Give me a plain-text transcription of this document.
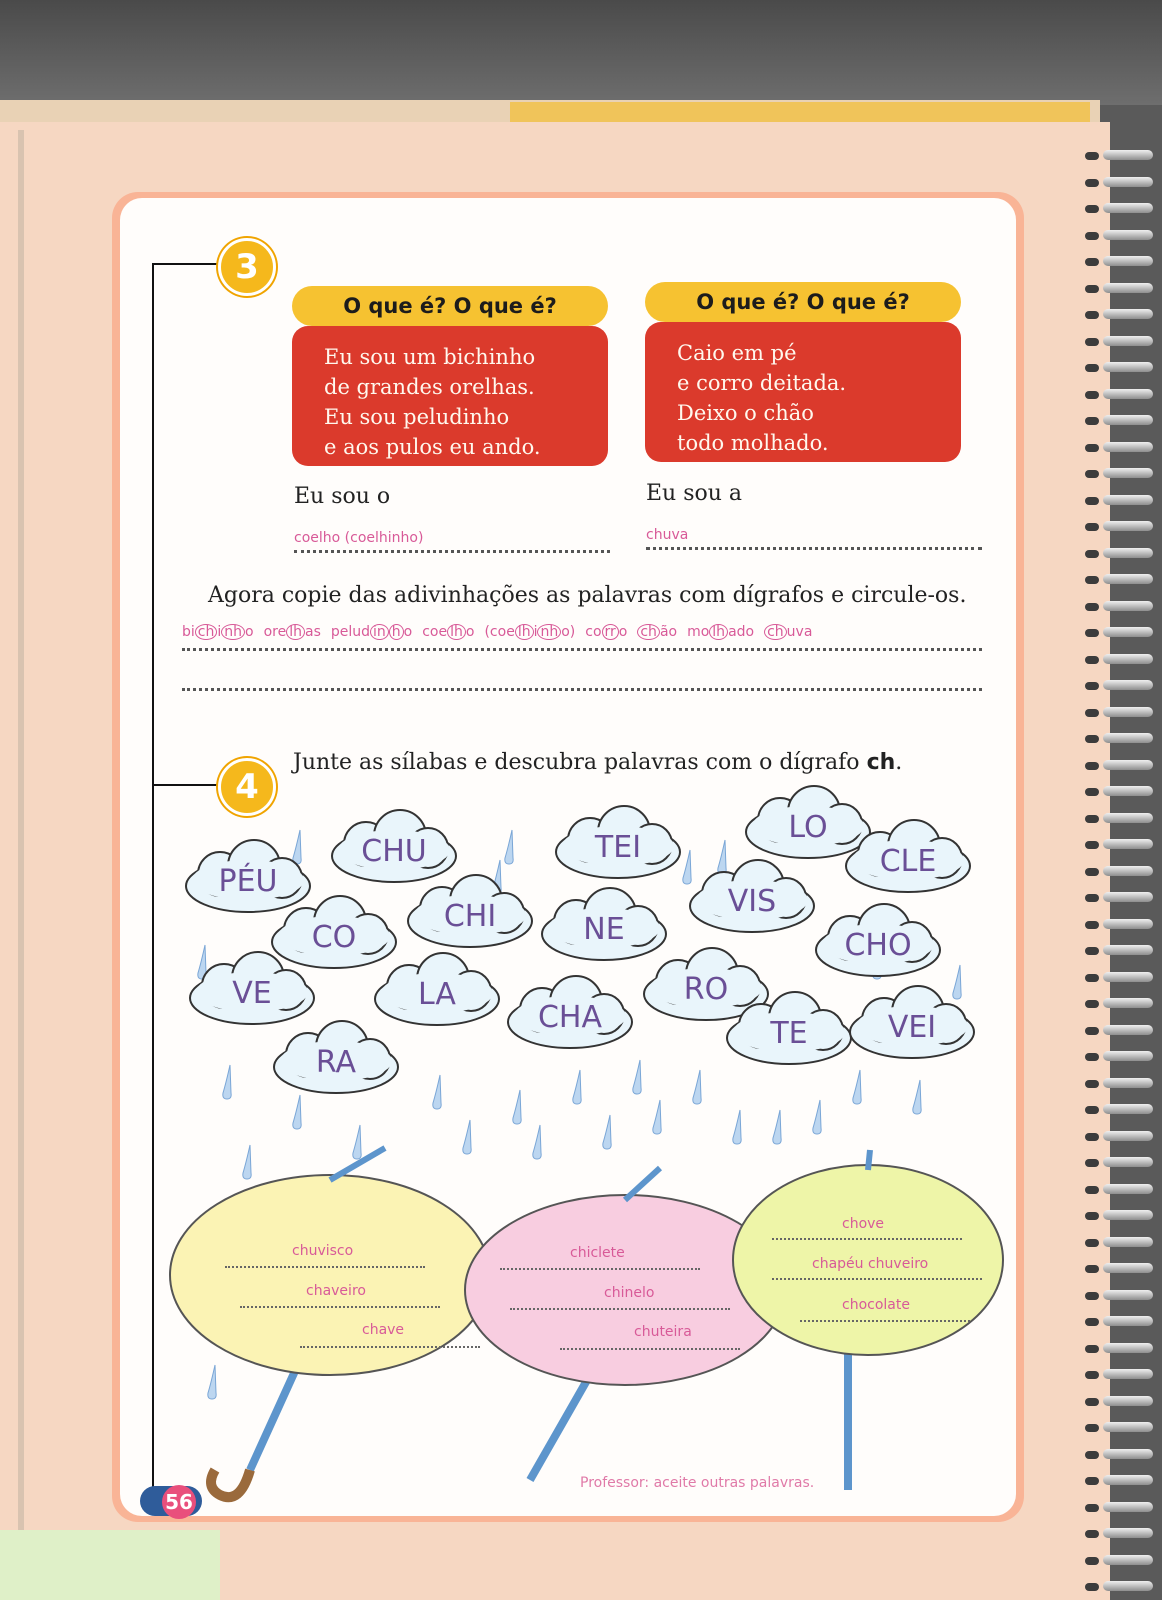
3
O que é? O que é?
Eu sou um bichinho
de grandes orelhas.
Eu sou peludinho
e aos pulos eu ando.
O que é? O que é?
Caio em pé
e corro deitada.
Deixo o chão
todo molhado.
Eu sou o	Eu sou a
coelho (coelhinho)	chuva
Agora copie das adivinhações as palavras com dígrafos e circule-os.
bi ch i nh o ore lh as pelud in h o coe lh o (coe lh i nh o) co rr o ch ão mo lh ado ch uva
4
Junte as sílabas e descubra palavras com o dígrafo ch.
PÉU
CHU	TEI
LO
CLE
CO
CHI	NE
VIS
CHO
VE	LA
CHA
RO
TE	VEI
RA
chuvisco
chaveiro
chave
chiclete
chinelo
chuteira
chove
chapéu chuveiro
chocolate
56
Professor: aceite outras palavras.
